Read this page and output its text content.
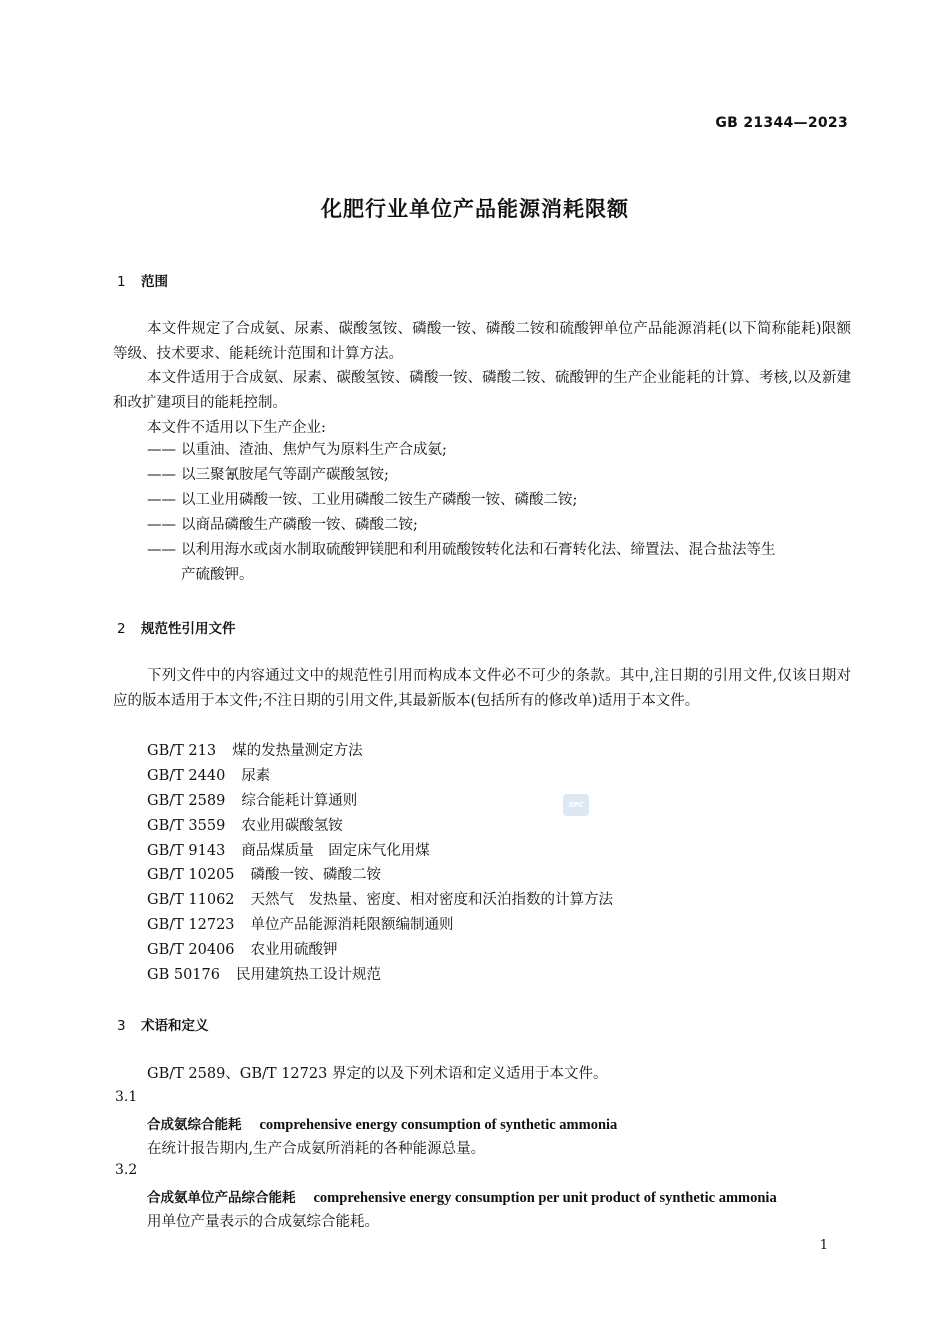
GB 21344—2023
化肥行业单位产品能源消耗限额
1 范围
本文件规定了合成氨、尿素、碳酸氢铵、磷酸一铵、磷酸二铵和硫酸钾单位产品能源消耗(以下简称能耗)限额等级、技术要求、能耗统计范围和计算方法。
本文件适用于合成氨、尿素、碳酸氢铵、磷酸一铵、磷酸二铵、硫酸钾的生产企业能耗的计算、考核,以及新建和改扩建项目的能耗控制。
本文件不适用以下生产企业:
—— 以重油、渣油、焦炉气为原料生产合成氨;
—— 以三聚氰胺尾气等副产碳酸氢铵;
—— 以工业用磷酸一铵、工业用磷酸二铵生产磷酸一铵、磷酸二铵;
—— 以商品磷酸生产磷酸一铵、磷酸二铵;
—— 以利用海水或卤水制取硫酸钾镁肥和利用硫酸铵转化法和石膏转化法、缔置法、混合盐法等生
产硫酸钾。
2 规范性引用文件
下列文件中的内容通过文中的规范性引用而构成本文件必不可少的条款。其中,注日期的引用文件,仅该日期对应的版本适用于本文件;不注日期的引用文件,其最新版本(包括所有的修改单)适用于本文件。
GB/T 213 煤的发热量测定方法
GB/T 2440 尿素
GB/T 2589 综合能耗计算通则
GB/T 3559 农业用碳酸氢铵
GB/T 9143 商品煤质量　固定床气化用煤
GB/T 10205 磷酸一铵、磷酸二铵
GB/T 11062 天然气　发热量、密度、相对密度和沃泊指数的计算方法
GB/T 12723 单位产品能源消耗限额编制通则
GB/T 20406 农业用硫酸钾
GB 50176 民用建筑热工设计规范
SPC
3 术语和定义
GB/T 2589、GB/T 12723 界定的以及下列术语和定义适用于本文件。
3.1
合成氨综合能耗 comprehensive energy consumption of synthetic ammonia
在统计报告期内,生产合成氨所消耗的各种能源总量。
3.2
合成氨单位产品综合能耗 comprehensive energy consumption per unit product of synthetic ammonia
用单位产量表示的合成氨综合能耗。
1
